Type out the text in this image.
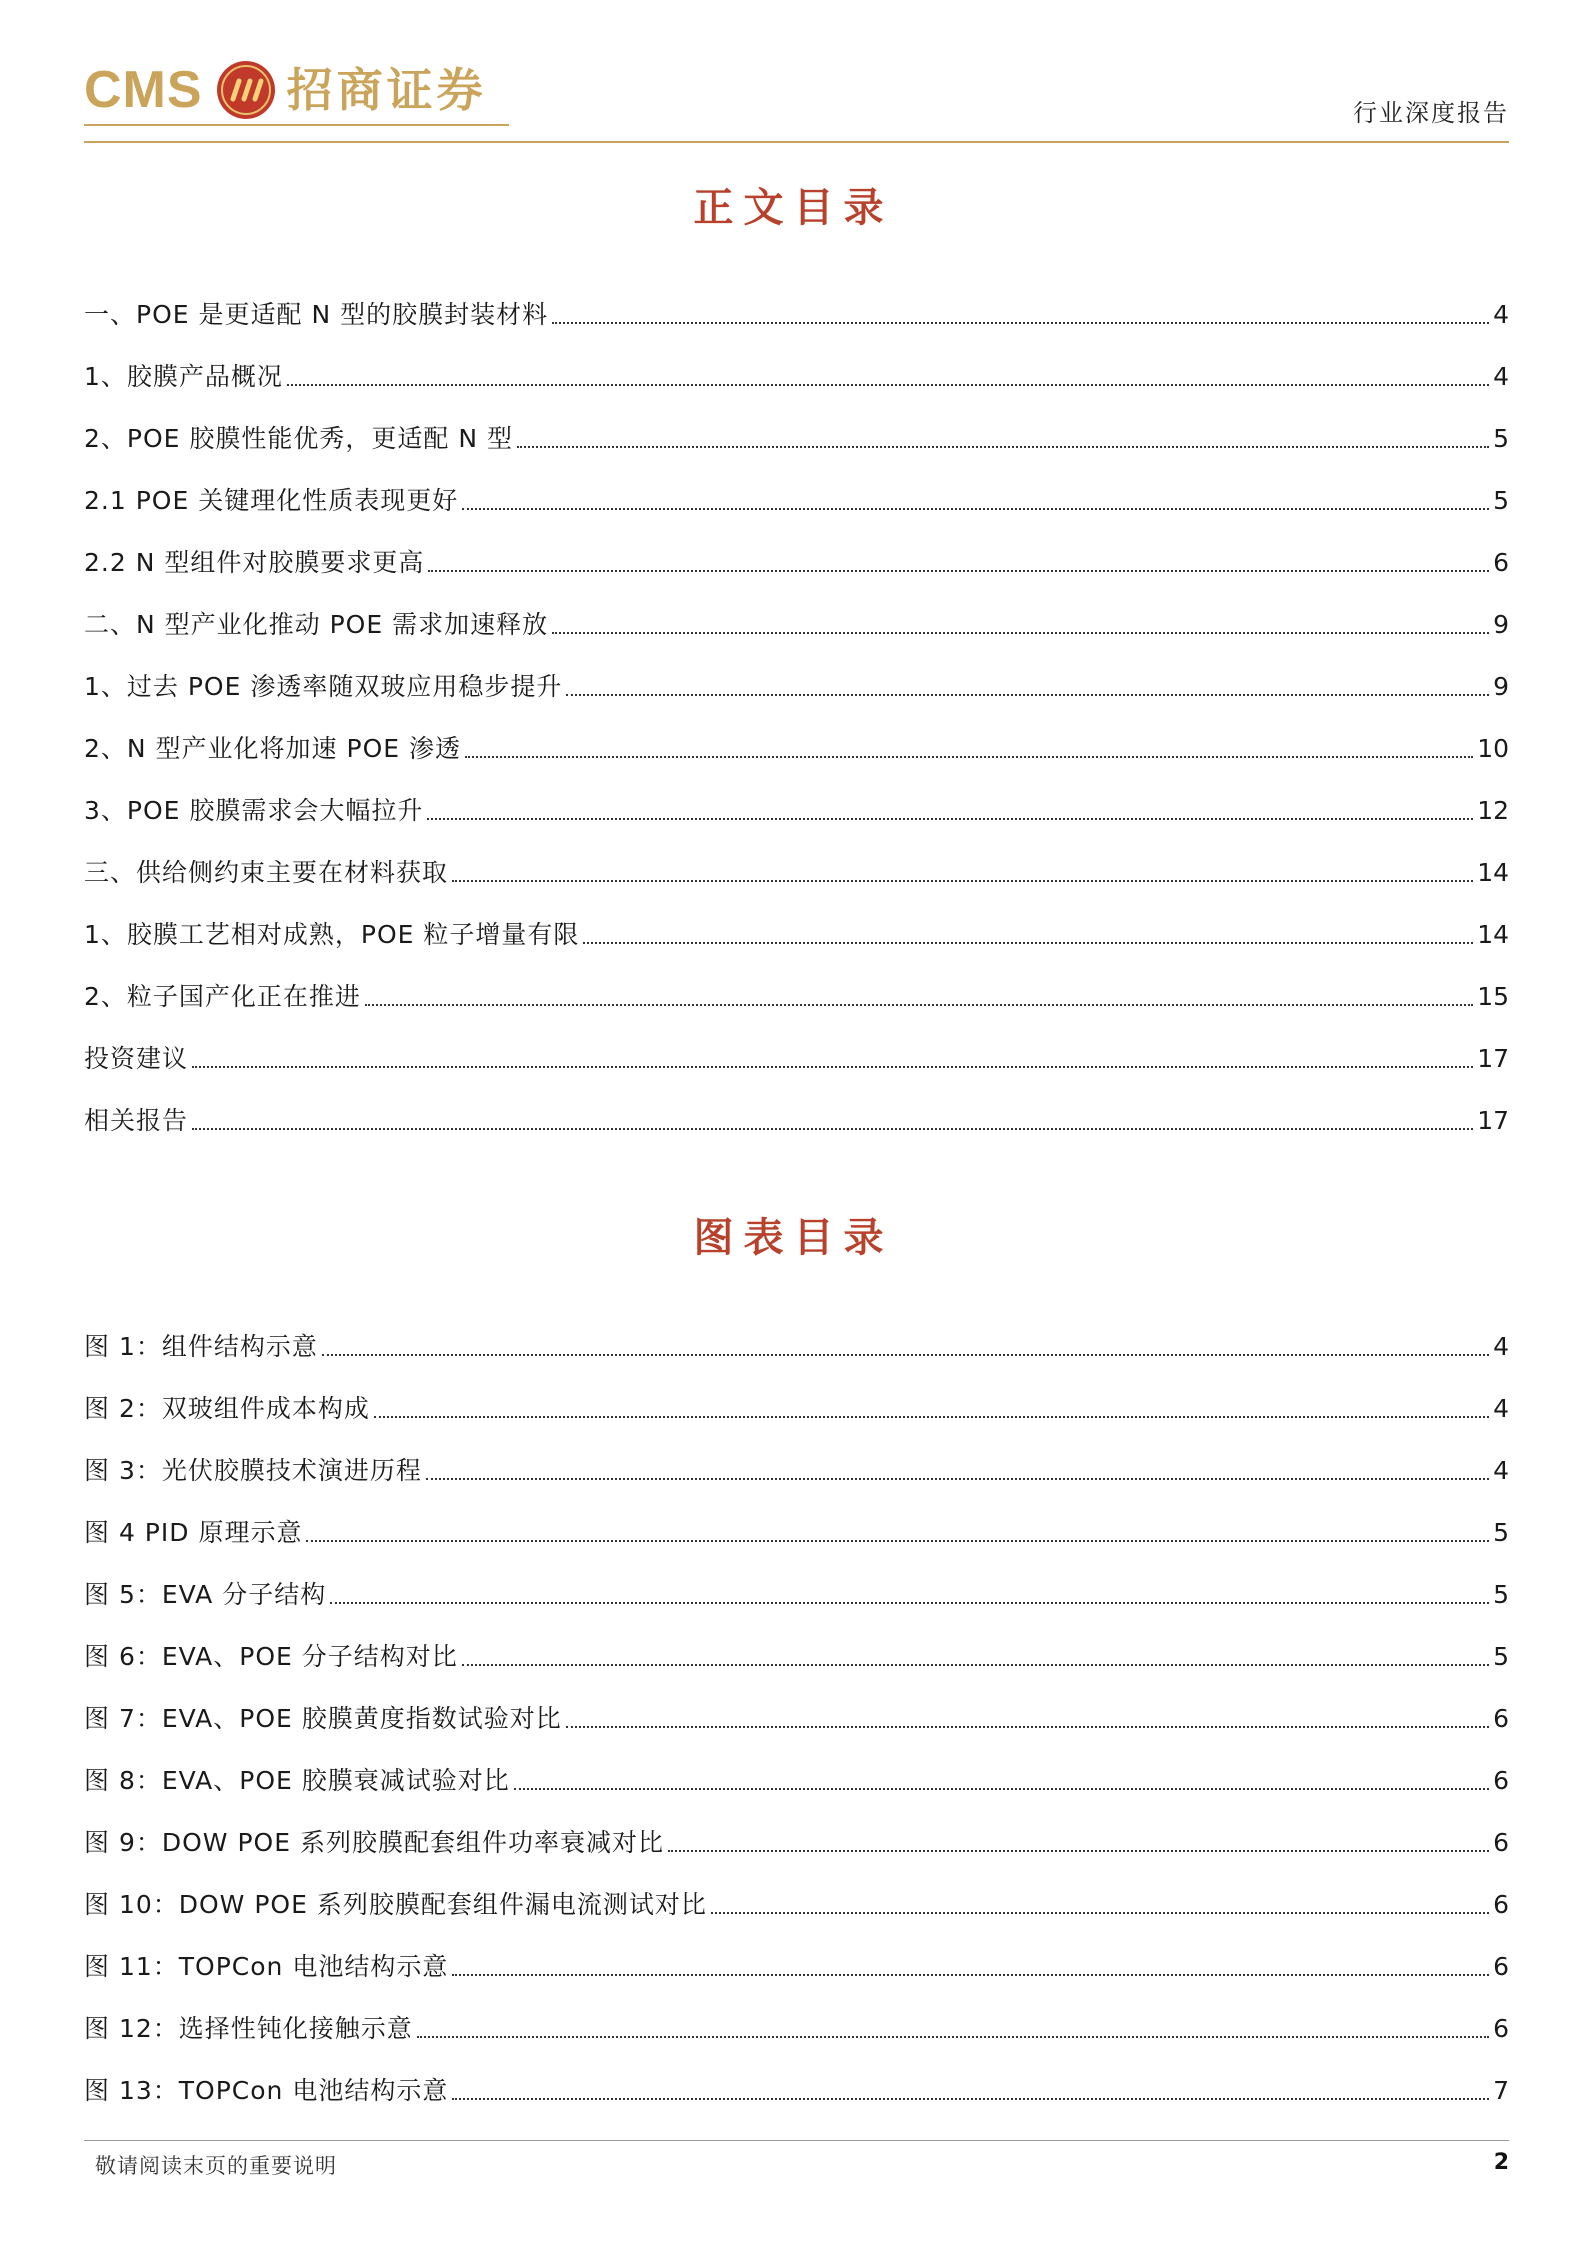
CMS 招商证券	行业深度报告
正文目录
一、POE 是更适配 N 型的胶膜封装材料	4
1、胶膜产品概况	4
2、POE 胶膜性能优秀，更适配 N 型	5
2.1 POE 关键理化性质表现更好	5
2.2 N 型组件对胶膜要求更高	6
二、N 型产业化推动 POE 需求加速释放	9
1、过去 POE 渗透率随双玻应用稳步提升	9
2、N 型产业化将加速 POE 渗透	10
3、POE 胶膜需求会大幅拉升	12
三、供给侧约束主要在材料获取	14
1、胶膜工艺相对成熟，POE 粒子增量有限	14
2、粒子国产化正在推进	15
投资建议	17
相关报告	17
图表目录
图 1：组件结构示意	4
图 2：双玻组件成本构成	4
图 3：光伏胶膜技术演进历程	4
图 4 PID 原理示意	5
图 5：EVA 分子结构	5
图 6：EVA、POE 分子结构对比	5
图 7：EVA、POE 胶膜黄度指数试验对比	6
图 8：EVA、POE 胶膜衰减试验对比	6
图 9：DOW POE 系列胶膜配套组件功率衰减对比	6
图 10：DOW POE 系列胶膜配套组件漏电流测试对比	6
图 11：TOPCon 电池结构示意	6
图 12：选择性钝化接触示意	6
图 13：TOPCon 电池结构示意	7
敬请阅读末页的重要说明	2
